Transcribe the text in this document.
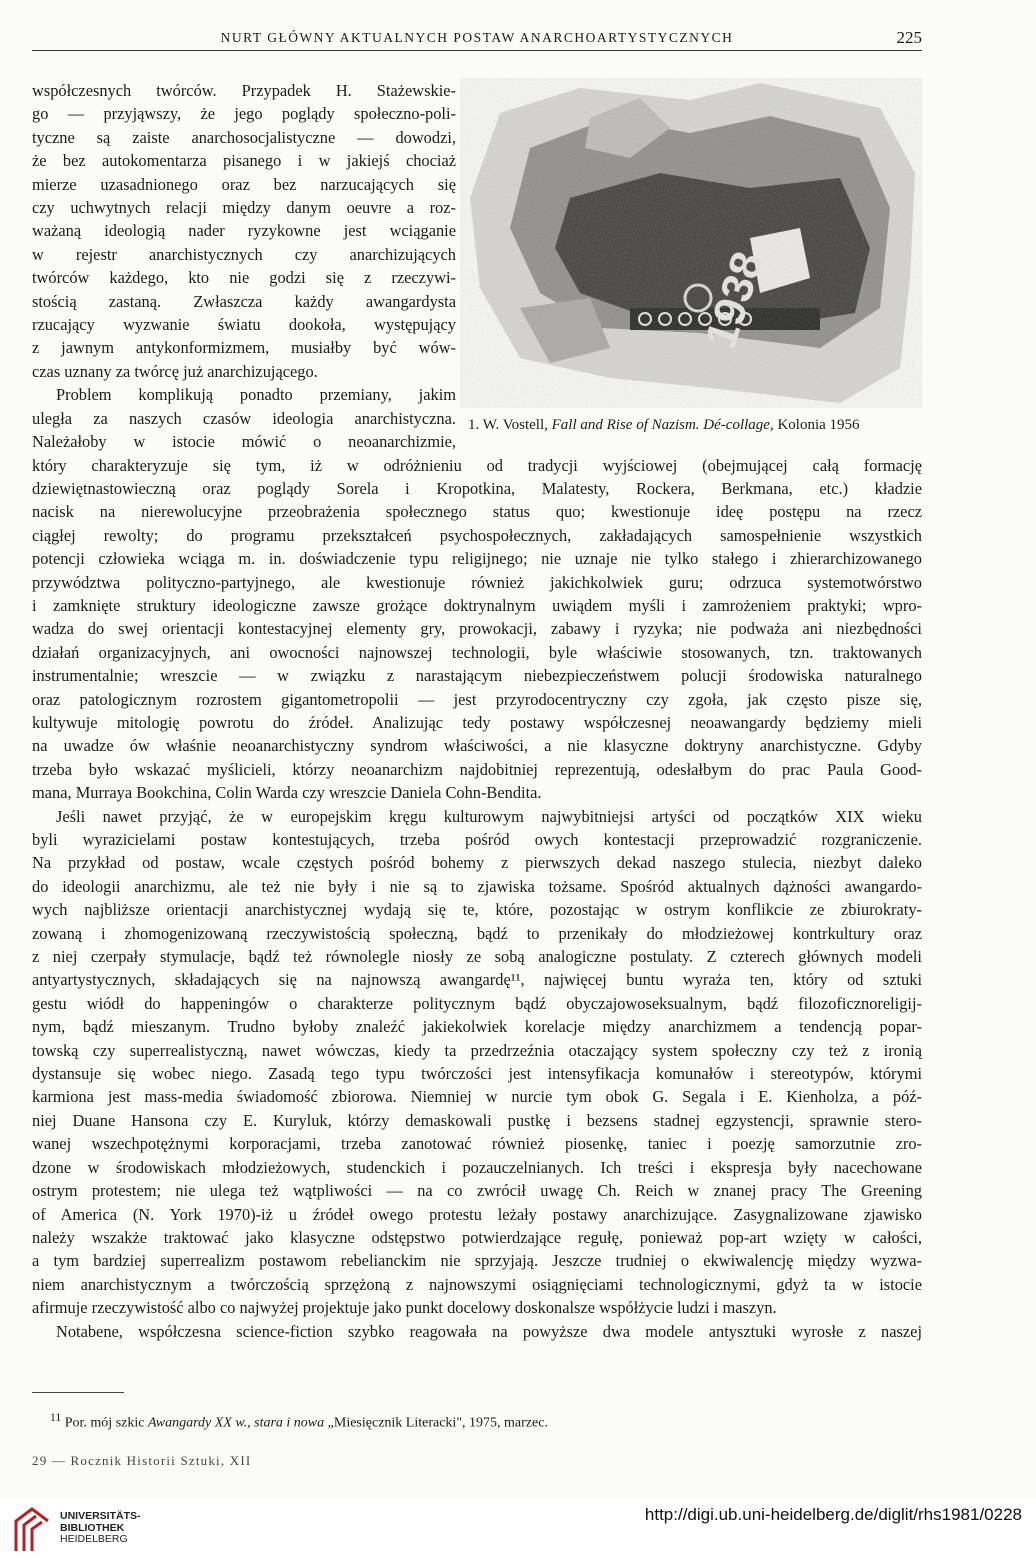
NURT GŁÓWNY AKTUALNYCH POSTAW ANARCHOARTYSTYCZNYCH	225
1. W. Vostell, Fall and Rise of Nazism. Dé-collage, Kolonia 1956

współczesnych twórców. Przypadek H. Stażewskie-

go — przyjąwszy, że jego poglądy społeczno-poli-

tyczne są zaiste anarchosocjalistyczne — dowodzi,

że bez autokomentarza pisanego i w jakiejś chociaż

mierze uzasadnionego oraz bez narzucających się

czy uchwytnych relacji między danym oeuvre a roz-

ważaną ideologią nader ryzykowne jest wciąganie

w rejestr anarchistycznych czy anarchizujących

twórców każdego, kto nie godzi się z rzeczywi-

stością zastaną. Zwłaszcza każdy awangardysta

rzucający wyzwanie światu dookoła, występujący

z jawnym antykonformizmem, musiałby być wów-

czas uznany za twórcę już anarchizującego.

Problem komplikują ponadto przemiany, jakim

uległa za naszych czasów ideologia anarchistyczna.

Należałoby w istocie mówić o neoanarchizmie,

który charakteryzuje się tym, iż w odróżnieniu od tradycji wyjściowej (obejmującej całą formację

dziewiętnastowieczną oraz poglądy Sorela i Kropotkina, Malatesty, Rockera, Berkmana, etc.) kładzie

nacisk na nierewolucyjne przeobrażenia społecznego status quo; kwestionuje ideę postępu na rzecz

ciągłej rewolty; do programu przekształceń psychospołecznych, zakładających samospełnienie wszystkich

potencji człowieka wciąga m. in. doświadczenie typu religijnego; nie uznaje nie tylko stałego i zhierarchizowanego

przywództwa polityczno-partyjnego, ale kwestionuje również jakichkolwiek guru; odrzuca systemotwórstwo

i zamknięte struktury ideologiczne zawsze grożące doktrynalnym uwiądem myśli i zamrożeniem praktyki; wpro-

wadza do swej orientacji kontestacyjnej elementy gry, prowokacji, zabawy i ryzyka; nie podważa ani niezbędności

działań organizacyjnych, ani owocności najnowszej technologii, byle właściwie stosowanych, tzn. traktowanych

instrumentalnie; wreszcie — w związku z narastającym niebezpieczeństwem polucji środowiska naturalnego

oraz patologicznym rozrostem gigantometropolii — jest przyrodocentryczny czy zgoła, jak często pisze się,

kultywuje mitologię powrotu do źródeł. Analizując tedy postawy współczesnej neoawangardy będziemy mieli

na uwadze ów właśnie neoanarchistyczny syndrom właściwości, a nie klasyczne doktryny anarchistyczne. Gdyby

trzeba było wskazać myślicieli, którzy neoanarchizm najdobitniej reprezentują, odesłałbym do prac Paula Good-

mana, Murraya Bookchina, Colin Warda czy wreszcie Daniela Cohn-Bendita.

Jeśli nawet przyjąć, że w europejskim kręgu kulturowym najwybitniejsi artyści od początków XIX wieku

byli wyrazicielami postaw kontestujących, trzeba pośród owych kontestacji przeprowadzić rozgraniczenie.

Na przykład od postaw, wcale częstych pośród bohemy z pierwszych dekad naszego stulecia, niezbyt daleko

do ideologii anarchizmu, ale też nie były i nie są to zjawiska tożsame. Spośród aktualnych dążności awangardo-

wych najbliższe orientacji anarchistycznej wydają się te, które, pozostając w ostrym konflikcie ze zbiurokraty-

zowaną i zhomogenizowaną rzeczywistością społeczną, bądź to przenikały do młodzieżowej kontrkultury oraz

z niej czerpały stymulacje, bądź też równolegle niosły ze sobą analogiczne postulaty. Z czterech głównych modeli

antyartystycznych, składających się na najnowszą awangardę¹¹, najwięcej buntu wyraża ten, który od sztuki

gestu wiódł do happeningów o charakterze politycznym bądź obyczajowoseksualnym, bądź filozoficznoreligij-

nym, bądź mieszanym. Trudno byłoby znaleźć jakiekolwiek korelacje między anarchizmem a tendencją popar-

towską czy superrealistyczną, nawet wówczas, kiedy ta przedrzeźnia otaczający system społeczny czy też z ironią

dystansuje się wobec niego. Zasadą tego typu twórczości jest intensyfikacja komunałów i stereotypów, którymi

karmiona jest mass-media świadomość zbiorowa. Niemniej w nurcie tym obok G. Segala i E. Kienholza, a póź-

niej Duane Hansona czy E. Kuryluk, którzy demaskowali pustkę i bezsens stadnej egzystencji, sprawnie stero-

wanej wszechpotężnymi korporacjami, trzeba zanotować również piosenkę, taniec i poezję samorzutnie zro-

dzone w środowiskach młodzieżowych, studenckich i pozauczelnianych. Ich treści i ekspresja były nacechowane

ostrym protestem; nie ulega też wątpliwości — na co zwrócił uwagę Ch. Reich w znanej pracy The Greening

of America (N. York 1970)-iż u źródeł owego protestu leżały postawy anarchizujące. Zasygnalizowane zjawisko

należy wszakże traktować jako klasyczne odstępstwo potwierdzające regułę, ponieważ pop-art wzięty w całości,

a tym bardziej superrealizm postawom rebelianckim nie sprzyjają. Jeszcze trudniej o ekwiwalencję między wyzwa-

niem anarchistycznym a twórczością sprzężoną z najnowszymi osiągnięciami technologicznymi, gdyż ta w istocie

afirmuje rzeczywistość albo co najwyżej projektuje jako punkt docelowy doskonalsze współżycie ludzi i maszyn.

Notabene, współczesna science-fiction szybko reagowała na powyższe dwa modele antysztuki wyrosłe z naszej

$^{11}$ Por. mój szkic Awangardy XX w., stara i nowa „Miesięcznik Literacki", 1975, marzec.
29 — Rocznik Historii Sztuki, XII
UNIVERSITÄTS-
BIBLIOTHEK
HEIDELBERG
http://digi.ub.uni-heidelberg.de/diglit/rhs1981/0228
